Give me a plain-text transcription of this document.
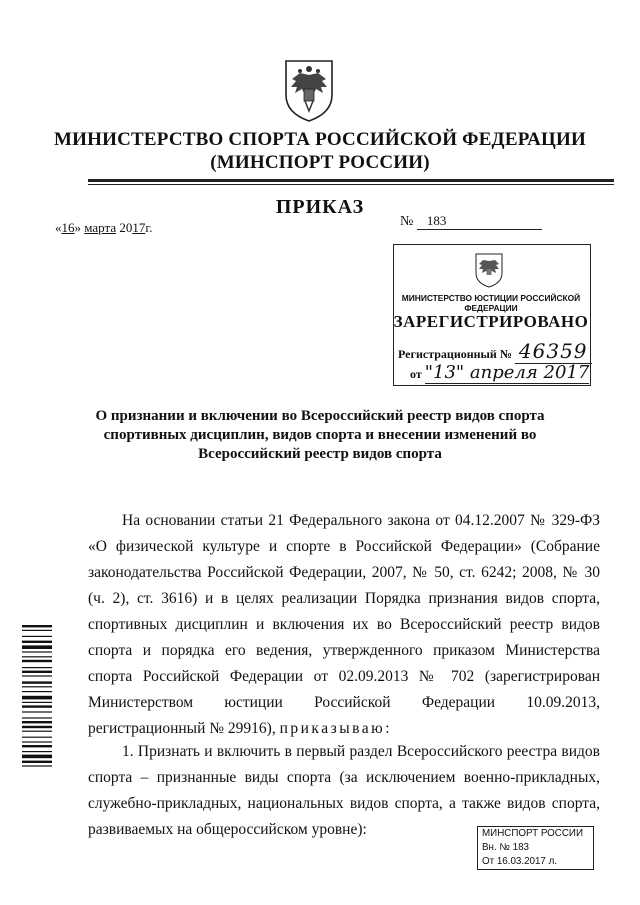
МИНИСТЕРСТВО СПОРТА РОССИЙСКОЙ ФЕДЕРАЦИИ
(МИНСПОРТ РОССИИ)
ПРИКАЗ
«16» марта 2017г.	№ 183
МИНИСТЕРСТВО ЮСТИЦИИ РОССИЙСКОЙ ФЕДЕРАЦИИ
ЗАРЕГИСТРИРОВАНО
Регистрационный № 46359
от "13" апреля 2017
О признании и включении во Всероссийский реестр видов спорта
спортивных дисциплин, видов спорта и внесении изменений во
Всероссийский реестр видов спорта
На основании статьи 21 Федерального закона от 04.12.2007 № 329-ФЗ «О физической культуре и спорте в Российской Федерации» (Собрание законодательства Российской Федерации, 2007, № 50, ст. 6242; 2008, № 30 (ч. 2), ст. 3616) и в целях реализации Порядка признания видов спорта, спортивных дисциплин и включения их во Всероссийский реестр видов спорта и порядка его ведения, утвержденного приказом Министерства спорта Российской Федерации от 02.09.2013 № 702 (зарегистрирован Министерством юстиции Российской Федерации 10.09.2013, регистрационный № 29916), приказываю:
1. Признать и включить в первый раздел Всероссийского реестра видов спорта – признанные виды спорта (за исключением военно-прикладных, служебно-прикладных, национальных видов спорта, а также видов спорта, развиваемых на общероссийском уровне):	МИНСПОРТ РОССИИ
Вн. № 183
От 16.03.2017 л.
